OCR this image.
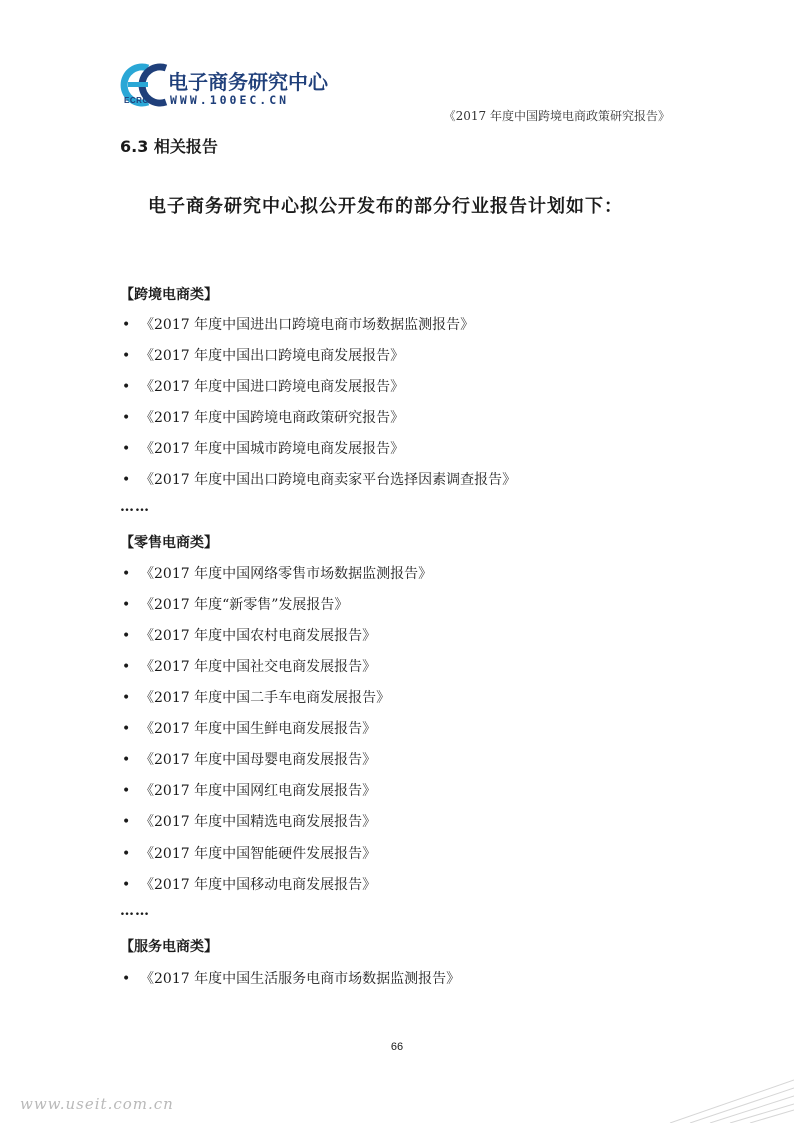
电子商务研究中心
WWW.100EC.CN
ECRC
《2017 年度中国跨境电商政策研究报告》
6.3 相关报告
电子商务研究中心拟公开发布的部分行业报告计划如下：
【跨境电商类】
• 《2017 年度中国进出口跨境电商市场数据监测报告》
• 《2017 年度中国出口跨境电商发展报告》
• 《2017 年度中国进口跨境电商发展报告》
• 《2017 年度中国跨境电商政策研究报告》
• 《2017 年度中国城市跨境电商发展报告》
• 《2017 年度中国出口跨境电商卖家平台选择因素调查报告》
……
【零售电商类】
• 《2017 年度中国网络零售市场数据监测报告》
• 《2017 年度“新零售”发展报告》
• 《2017 年度中国农村电商发展报告》
• 《2017 年度中国社交电商发展报告》
• 《2017 年度中国二手车电商发展报告》
• 《2017 年度中国生鲜电商发展报告》
• 《2017 年度中国母婴电商发展报告》
• 《2017 年度中国网红电商发展报告》
• 《2017 年度中国精选电商发展报告》
• 《2017 年度中国智能硬件发展报告》
• 《2017 年度中国移动电商发展报告》
……
【服务电商类】
• 《2017 年度中国生活服务电商市场数据监测报告》
66
www.useit.com.cn
